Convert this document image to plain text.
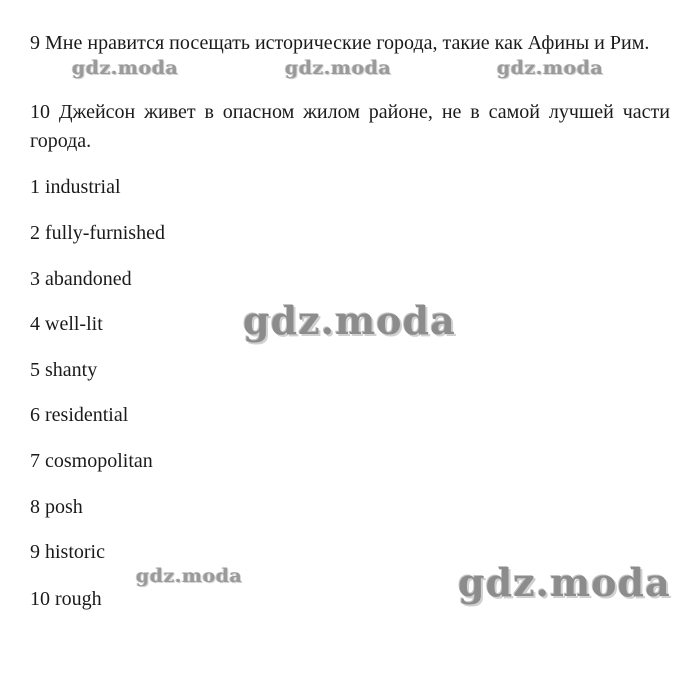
9 Мне нравится посещать исторические города, такие как Афины и Рим.

10 Джейсон живет в опасном жилом районе, не в самой лучшей части города.

1 industrial

2 fully-furnished

3 abandoned

4 well-lit

5 shanty

6 residential

7 cosmopolitan

8 posh

9 historic

10 rough

gdz.moda	gdz.moda	gdz.moda
gdz.moda
gdz.moda	gdz.moda
